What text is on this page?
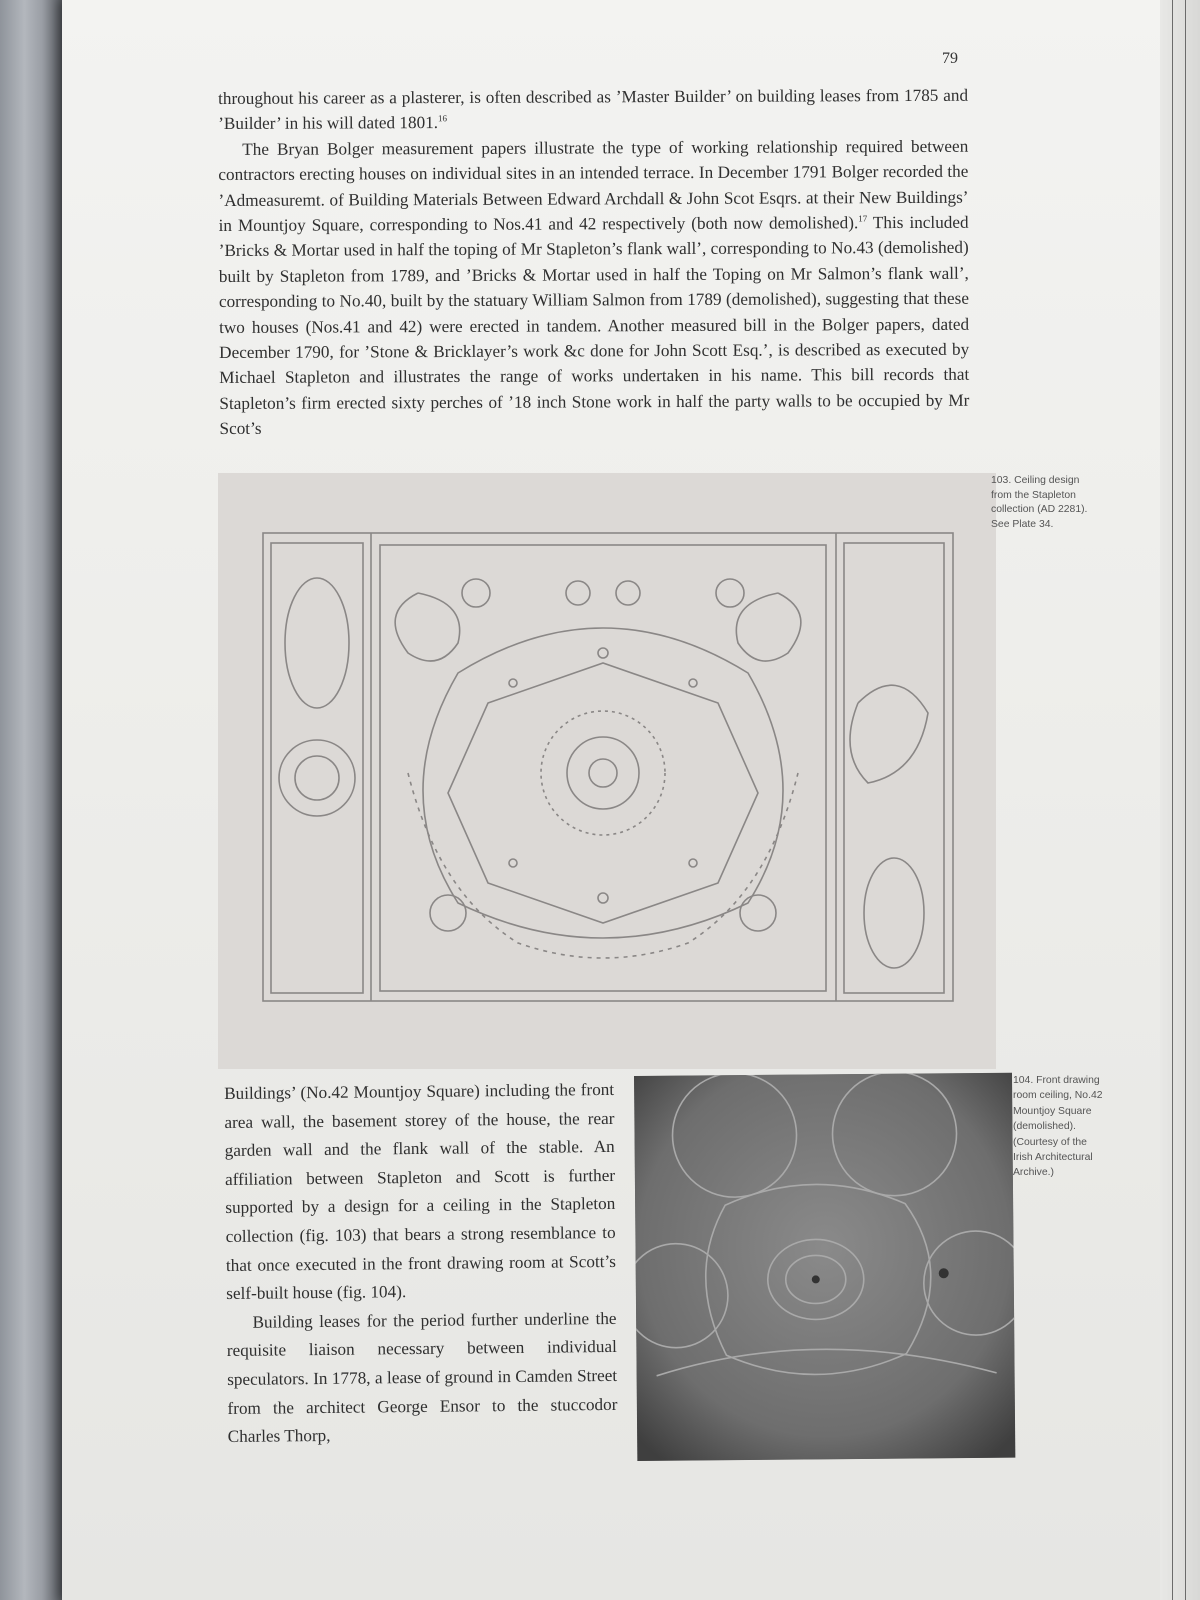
79

throughout his career as a plasterer, is often described as ’Master Builder’ on building leases from 1785 and ’Builder’ in his will dated 1801.16

The Bryan Bolger measurement papers illustrate the type of working relationship required between contractors erecting houses on individual sites in an intended terrace. In December 1791 Bolger recorded the ’Admeasuremt. of Building Materials Between Edward Archdall & John Scot Esqrs. at their New Buildings’ in Mountjoy Square, corresponding to Nos.41 and 42 respectively (both now demolished).$^{17}$ This included ’Bricks & Mortar used in half the toping of Mr Stapleton’s flank wall’, corresponding to No.43 (demolished) built by Stapleton from 1789, and ’Bricks & Mortar used in half the Toping on Mr Salmon’s flank wall’, corresponding to No.40, built by the statuary William Salmon from 1789 (demolished), suggesting that these two houses (Nos.41 and 42) were erected in tandem. Another measured bill in the Bolger papers, dated December 1790, for ’Stone & Bricklayer’s work &c done for John Scott Esq.’, is described as executed by Michael Stapleton and illustrates the range of works undertaken in his name. This bill records that Stapleton’s firm erected sixty perches of ’18 inch Stone work in half the party walls to be occupied by Mr Scot’s

103. Ceiling design
from the Stapleton
collection (AD 2281).
See Plate 34.

Buildings’ (No.42 Mountjoy Square) including the front area wall, the basement storey of the house, the rear garden wall and the flank wall of the stable. An affiliation between Stapleton and Scott is further supported by a design for a ceiling in the Stapleton collection (fig. 103) that bears a strong resemblance to that once executed in the front drawing room at Scott’s self-built house (fig. 104).

Building leases for the period further underline the requisite liaison necessary between individual speculators. In 1778, a lease of ground in Camden Street from the architect George Ensor to the stuccodor Charles Thorp,

104. Front drawing
room ceiling, No.42
Mountjoy Square
(demolished).
(Courtesy of the
Irish Architectural
Archive.)
